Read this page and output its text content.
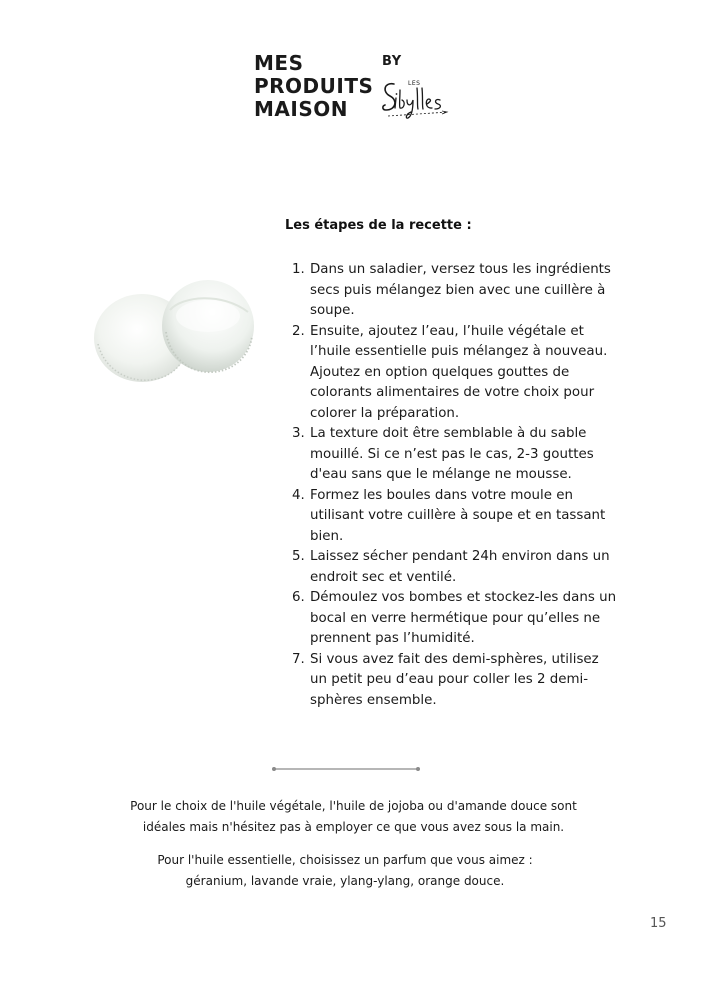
MES
PRODUITS
MAISON
BY
LES
Les étapes de la recette :
1. Dans un saladier, versez tous les ingrédients secs puis mélangez bien avec une cuillère à soupe.
2. Ensuite, ajoutez l’eau, l’huile végétale et l’huile essentielle puis mélangez à nouveau. Ajoutez en option quelques gouttes de colorants alimentaires de votre choix pour colorer la préparation.
3. La texture doit être semblable à du sable mouillé. Si ce n’est pas le cas, 2-3 gouttes d'eau sans que le mélange ne mousse.
4. Formez les boules dans votre moule en utilisant votre cuillère à soupe et en tassant bien.
5. Laissez sécher pendant 24h environ dans un endroit sec et ventilé.
6. Démoulez vos bombes et stockez-les dans un bocal en verre hermétique pour qu’elles ne prennent pas l’humidité.
7. Si vous avez fait des demi-sphères, utilisez un petit peu d’eau pour coller les 2 demi-sphères ensemble.
Pour le choix de l'huile végétale, l'huile de jojoba ou d'amande douce sont
idéales mais n'hésitez pas à employer ce que vous avez sous la main.
Pour l'huile essentielle, choisissez un parfum que vous aimez :
géranium, lavande vraie, ylang-ylang, orange douce.
15
